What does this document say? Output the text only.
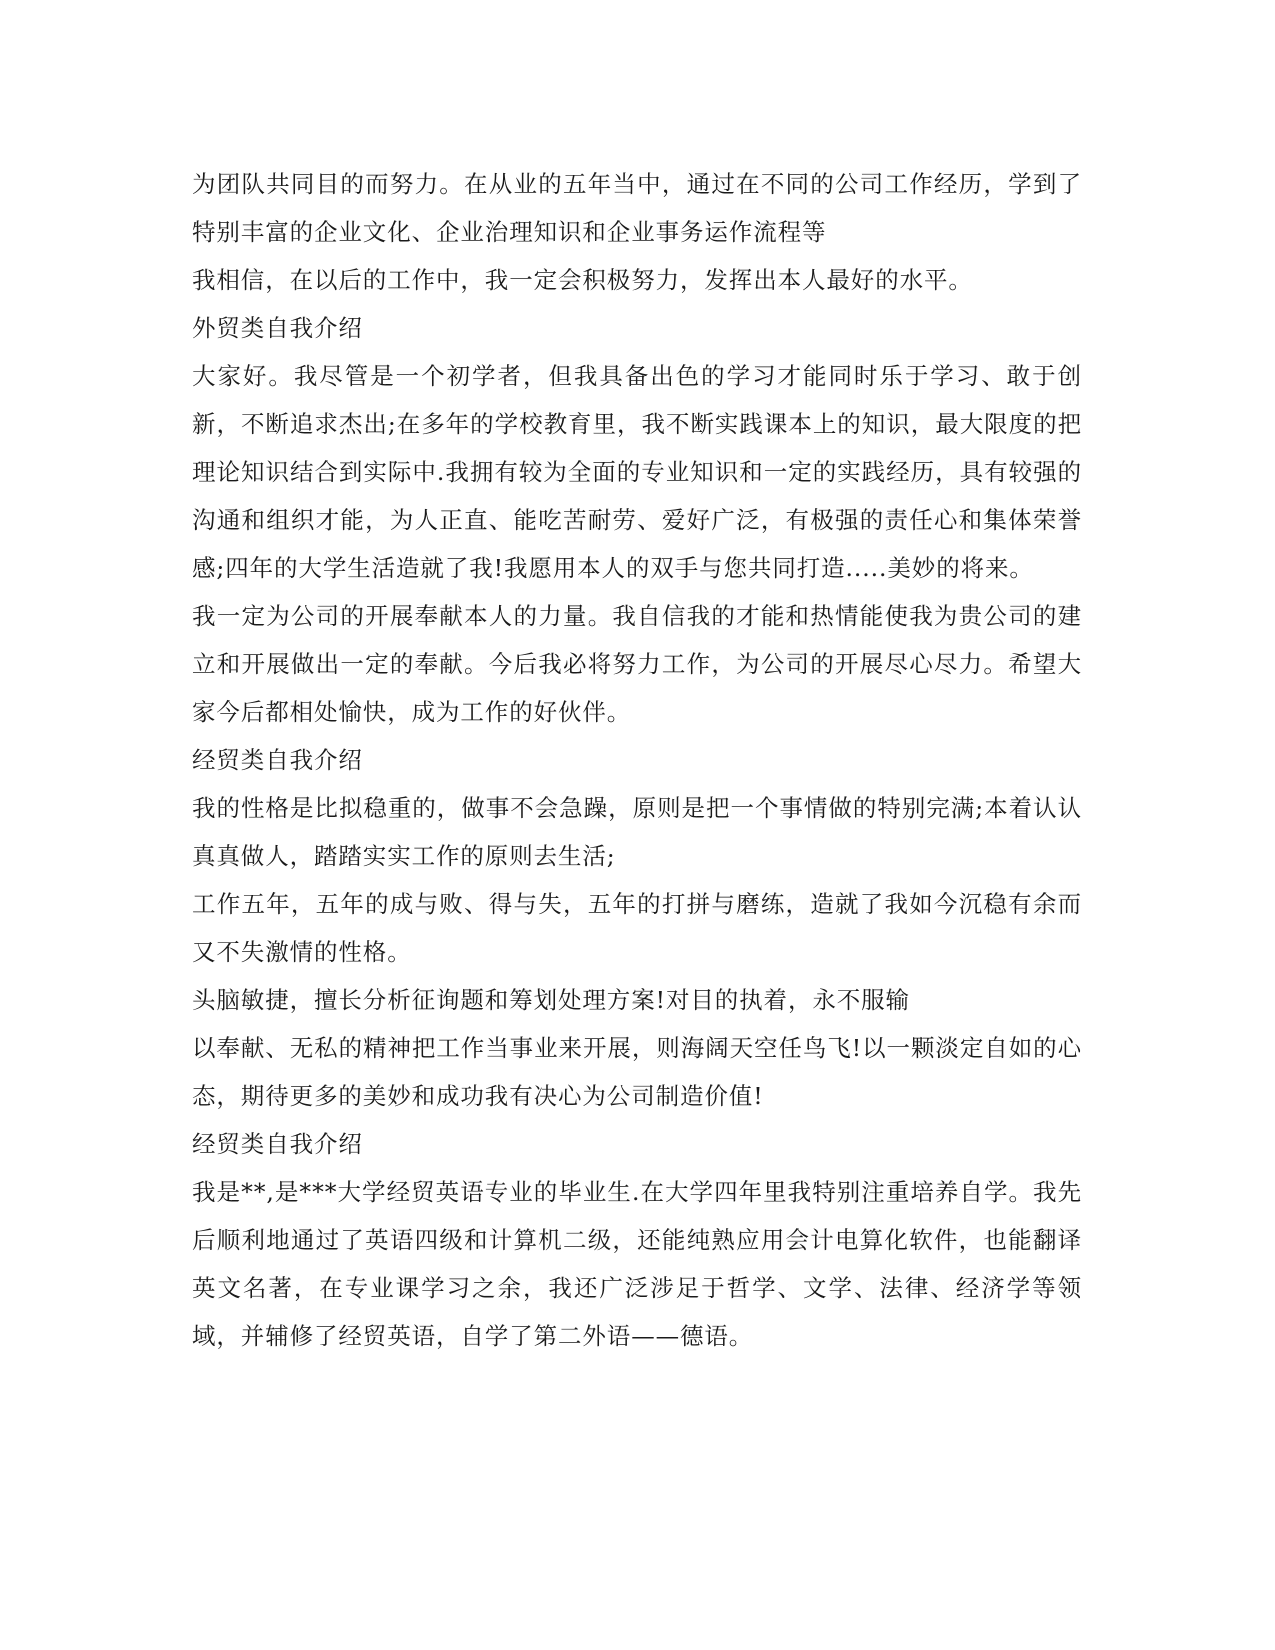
为团队共同目的而努力。在从业的五年当中，通过在不同的公司工作经历，学到了特别丰富的企业文化、企业治理知识和企业事务运作流程等

我相信，在以后的工作中，我一定会积极努力，发挥出本人最好的水平。

外贸类自我介绍

大家好。我尽管是一个初学者，但我具备出色的学习才能同时乐于学习、敢于创新，不断追求杰出;在多年的学校教育里，我不断实践课本上的知识，最大限度的把理论知识结合到实际中.我拥有较为全面的专业知识和一定的实践经历，具有较强的沟通和组织才能，为人正直、能吃苦耐劳、爱好广泛，有极强的责任心和集体荣誉感;四年的大学生活造就了我!我愿用本人的双手与您共同打造.....美妙的将来。

我一定为公司的开展奉献本人的力量。我自信我的才能和热情能使我为贵公司的建立和开展做出一定的奉献。今后我必将努力工作，为公司的开展尽心尽力。希望大家今后都相处愉快，成为工作的好伙伴。

经贸类自我介绍

我的性格是比拟稳重的，做事不会急躁，原则是把一个事情做的特别完满;本着认认真真做人，踏踏实实工作的原则去生活;

工作五年，五年的成与败、得与失，五年的打拼与磨练，造就了我如今沉稳有余而又不失激情的性格。

头脑敏捷，擅长分析征询题和筹划处理方案!对目的执着，永不服输

以奉献、无私的精神把工作当事业来开展，则海阔天空任鸟飞!以一颗淡定自如的心态，期待更多的美妙和成功我有决心为公司制造价值!

经贸类自我介绍

我是**,是***大学经贸英语专业的毕业生.在大学四年里我特别注重培养自学。我先后顺利地通过了英语四级和计算机二级，还能纯熟应用会计电算化软件，也能翻译英文名著，在专业课学习之余，我还广泛涉足于哲学、文学、法律、经济学等领域，并辅修了经贸英语，自学了第二外语——德语。
